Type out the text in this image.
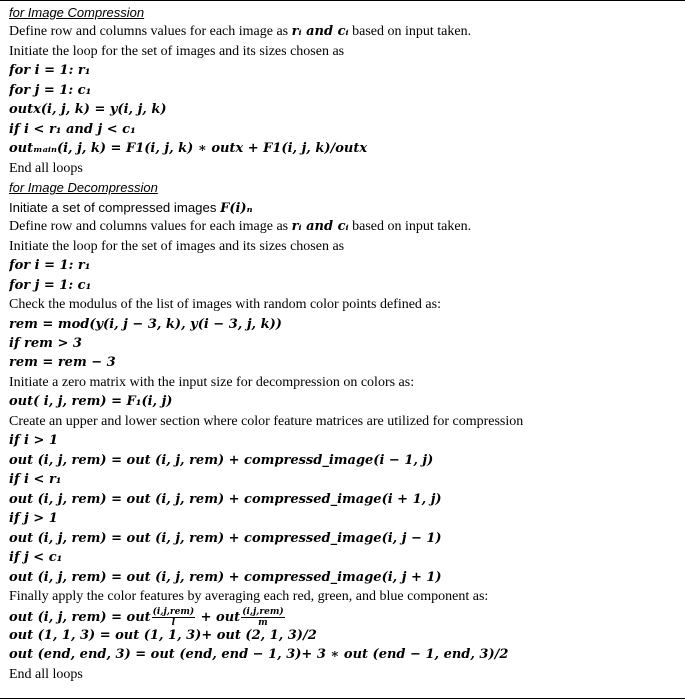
for Image Compression
Define row and columns values for each image as rᵢ and cᵢ based on input taken.
Initiate the loop for the set of images and its sizes chosen as
for i = 1: r₁
for j = 1: c₁
outx(i, j, k) = y(i, j, k)
if i < r₁ and j < c₁
outₘₐᵢₙ(i, j, k) = F1(i, j, k) ∗ outx + F1(i, j, k)/outx
End all loops
for Image Decompression
Initiate a set of compressed images F(i)ₙ
Define row and columns values for each image as rᵢ and cᵢ based on input taken.
Initiate the loop for the set of images and its sizes chosen as
for i = 1: r₁
for j = 1: c₁
Check the modulus of the list of images with random color points defined as:
rem = mod(y(i, j − 3, k), y(i − 3, j, k))
if rem > 3
rem = rem − 3
Initiate a zero matrix with the input size for decompression on colors as:
out( i, j, rem) = F₁(i, j)
Create an upper and lower section where color feature matrices are utilized for compression
if i > 1
out (i, j, rem) = out (i, j, rem) + compressd_image(i − 1, j)
if i < r₁
out (i, j, rem) = out (i, j, rem) + compressed_image(i + 1, j)
if j > 1
out (i, j, rem) = out (i, j, rem) + compressed_image(i, j − 1)
if j < c₁
out (i, j, rem) = out (i, j, rem) + compressed_image(i, j + 1)
Finally apply the color features by averaging each red, green, and blue component as:
out (i, j, rem) = out $\frac{\text{(i,j,rem)}}{l}$ + out $\frac{\text{(i,j,rem)}}{m}$
out (1, 1, 3) = out (1, 1, 3)+ out (2, 1, 3)/2
out (end, end, 3) = out (end, end − 1, 3)+ 3 ∗ out (end − 1, end, 3)/2
End all loops
